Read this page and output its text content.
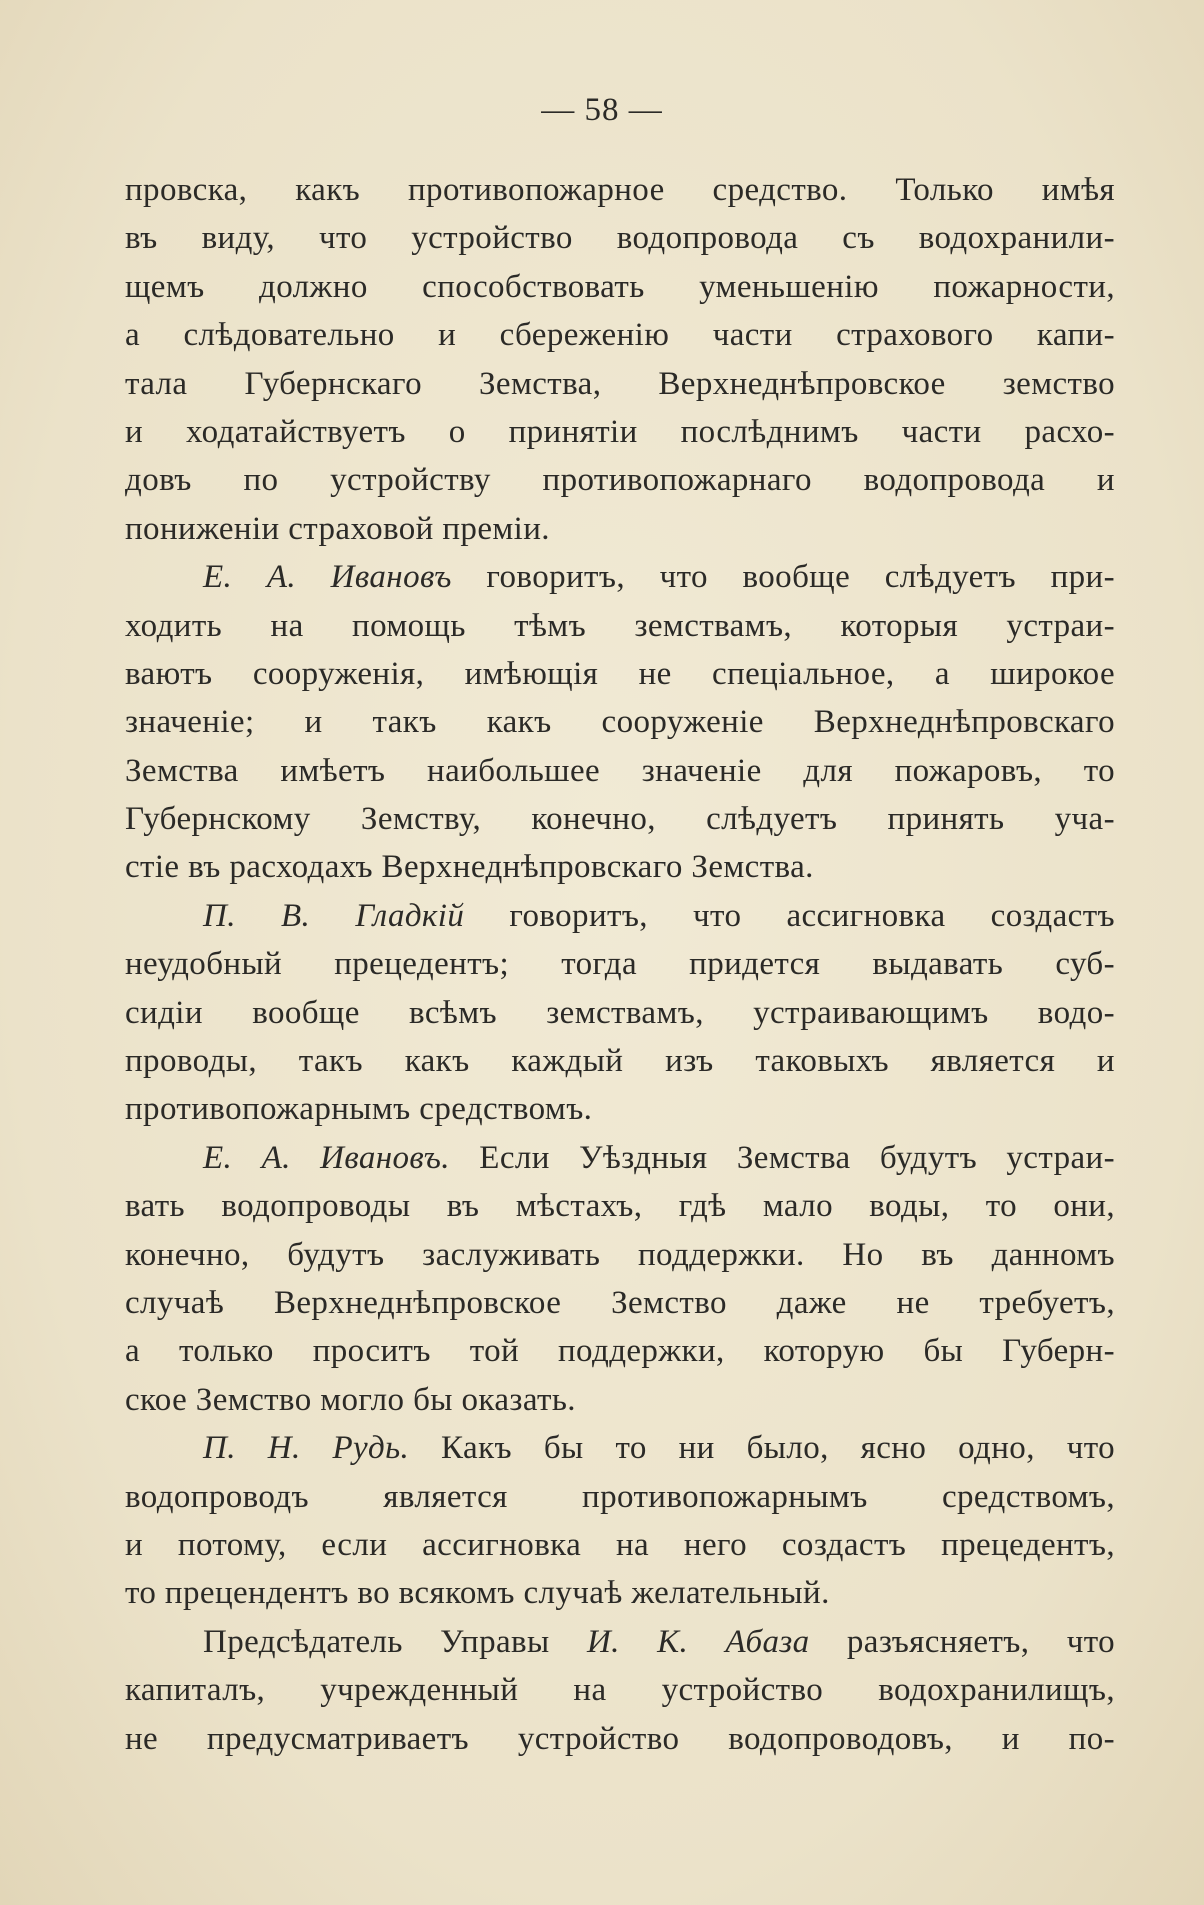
— 58 —
провска, какъ противопожарное средство. Только имѣя
въ виду, что устройство водопровода съ водохранили-
щемъ должно способствовать уменьшенію пожарности,
а слѣдовательно и сбереженію части страхового капи-
тала Губернскаго Земства, Верхнеднѣпровское земство
и ходатайствуетъ о принятіи послѣднимъ части расхо-
довъ по устройству противопожарнаго водопровода и
пониженіи страховой преміи.
Е. А. Ивановъ говоритъ, что вообще слѣдуетъ при-
ходить на помощь тѣмъ земствамъ, которыя устраи-
ваютъ сооруженія, имѣющія не спеціальное, а широкое
значеніе; и такъ какъ сооруженіе Верхнеднѣпровскаго
Земства имѣетъ наибольшее значеніе для пожаровъ, то
Губернскому Земству, конечно, слѣдуетъ принять уча-
стіе въ расходахъ Верхнеднѣпровскаго Земства.
П. В. Гладкій говоритъ, что ассигновка создастъ
неудобный прецедентъ; тогда придется выдавать суб-
сидіи вообще всѣмъ земствамъ, устраивающимъ водо-
проводы, такъ какъ каждый изъ таковыхъ является и
противопожарнымъ средствомъ.
Е. А. Ивановъ. Если Уѣздныя Земства будутъ устраи-
вать водопроводы въ мѣстахъ, гдѣ мало воды, то они,
конечно, будутъ заслуживать поддержки. Но въ данномъ
случаѣ Верхнеднѣпровское Земство даже не требуетъ,
а только проситъ той поддержки, которую бы Губерн-
ское Земство могло бы оказать.
П. Н. Рудь. Какъ бы то ни было, ясно одно, что
водопроводъ является противопожарнымъ средствомъ,
и потому, если ассигновка на него создастъ прецедентъ,
то прецендентъ во всякомъ случаѣ желательный.
Предсѣдатель Управы И. К. Абаза разъясняетъ, что
капиталъ, учрежденный на устройство водохранилищъ,
не предусматриваетъ устройство водопроводовъ, и по-
